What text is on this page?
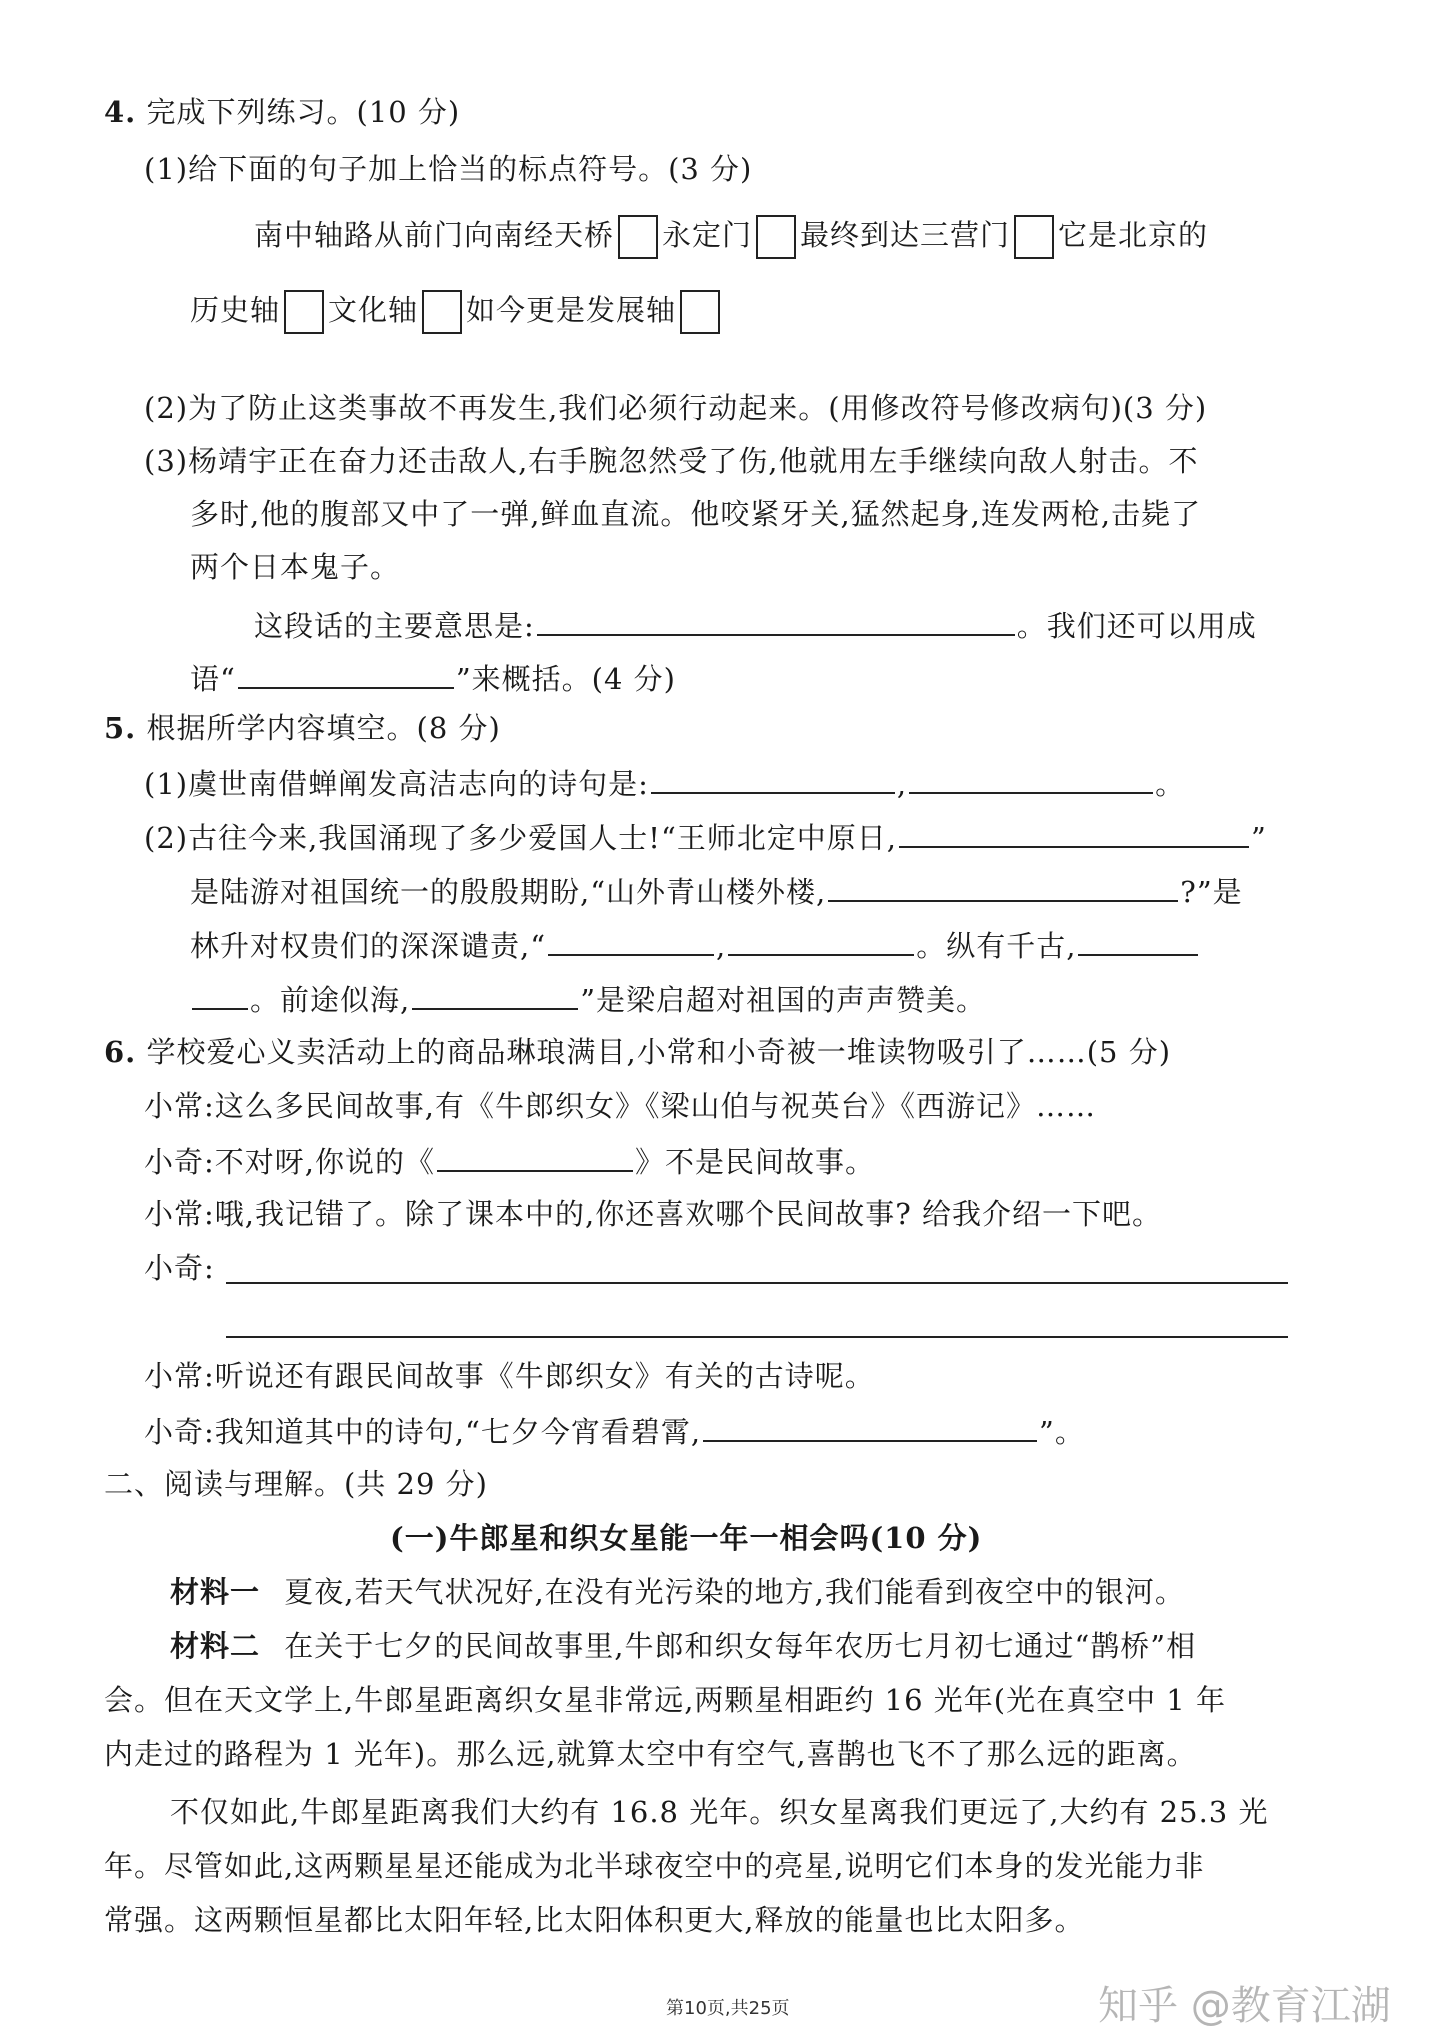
4. 完成下列练习。(10 分)
(1)给下面的句子加上恰当的标点符号。(3 分)
南中轴路从前门向南经天桥 永定门 最终到达三营门 它是北京的
历史轴 文化轴 如今更是发展轴
(2)为了防止这类事故不再发生,我们必须行动起来。(用修改符号修改病句)(3 分)
(3)杨靖宇正在奋力还击敌人,右手腕忽然受了伤,他就用左手继续向敌人射击。不
多时,他的腹部又中了一弹,鲜血直流。他咬紧牙关,猛然起身,连发两枪,击毙了
两个日本鬼子。
这段话的主要意思是:	。我们还可以用成
语“	”来概括。(4 分)
5. 根据所学内容填空。(8 分)
(1)虞世南借蝉阐发高洁志向的诗句是:	,	。
(2)古往今来,我国涌现了多少爱国人士!“王师北定中原日,	”
是陆游对祖国统一的殷殷期盼,“山外青山楼外楼,	?”是
林升对权贵们的深深谴责,“	,	。纵有千古,
。前途似海,	”是梁启超对祖国的声声赞美。
6. 学校爱心义卖活动上的商品琳琅满目,小常和小奇被一堆读物吸引了……(5 分)
小常:这么多民间故事,有《牛郎织女》《梁山伯与祝英台》《西游记》……
小奇:不对呀,你说的《	》不是民间故事。
小常:哦,我记错了。除了课本中的,你还喜欢哪个民间故事? 给我介绍一下吧。
小奇:
小常:听说还有跟民间故事《牛郎织女》有关的古诗呢。
小奇:我知道其中的诗句,“七夕今宵看碧霄,	”。
二、阅读与理解。(共 29 分)
(一)牛郎星和织女星能一年一相会吗(10 分)
材料一 夏夜,若天气状况好,在没有光污染的地方,我们能看到夜空中的银河。
材料二 在关于七夕的民间故事里,牛郎和织女每年农历七月初七通过“鹊桥”相
会。但在天文学上,牛郎星距离织女星非常远,两颗星相距约 16 光年(光在真空中 1 年
内走过的路程为 1 光年)。那么远,就算太空中有空气,喜鹊也飞不了那么远的距离。
不仅如此,牛郎星距离我们大约有 16.8 光年。织女星离我们更远了,大约有 25.3 光
年。尽管如此,这两颗星星还能成为北半球夜空中的亮星,说明它们本身的发光能力非
常强。这两颗恒星都比太阳年轻,比太阳体积更大,释放的能量也比太阳多。
第10页,共25页	知乎 @教育江湖
